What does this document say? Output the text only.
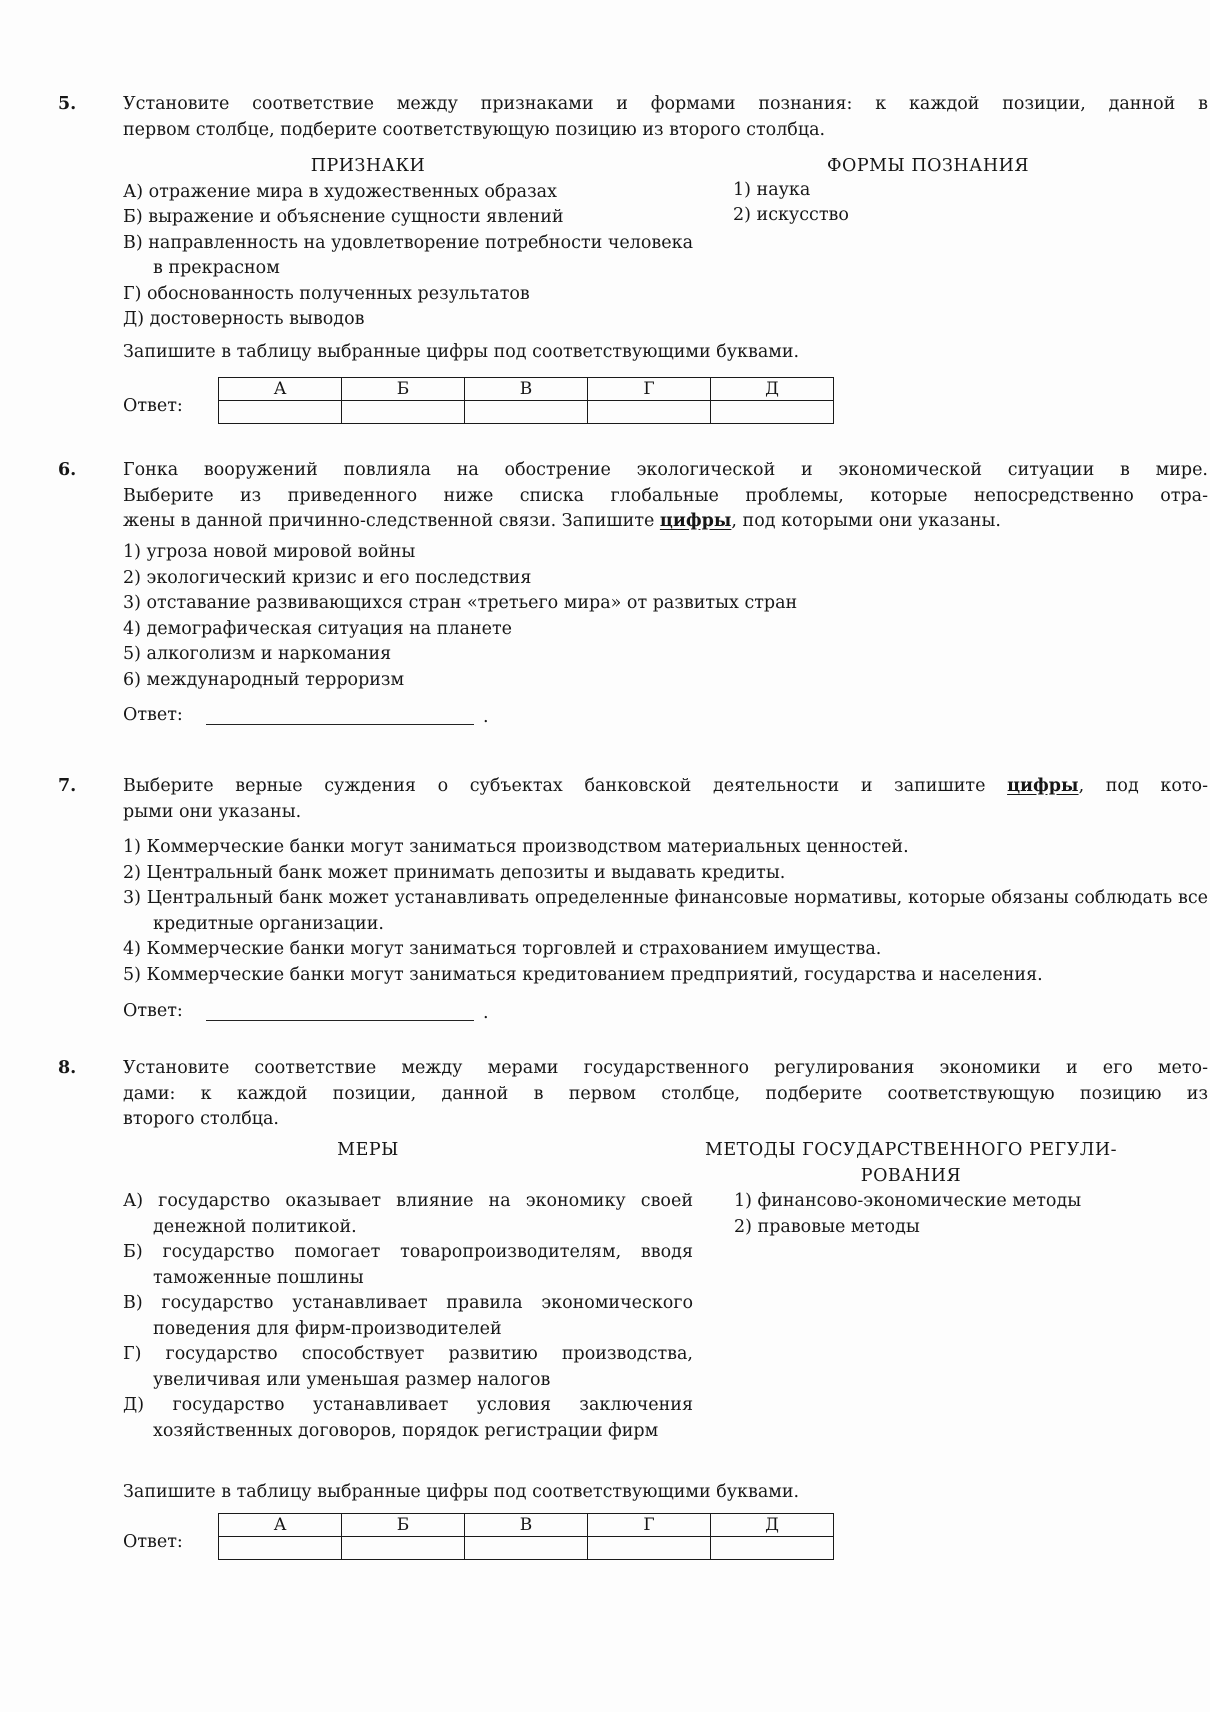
5.	Установите соответствие между признаками и формами познания: к каждой позиции, данной в

первом столбце, подберите соответствующую позицию из второго столбца.

ПРИЗНАКИ
А) отражение мира в художественных образах
Б) выражение и объяснение сущности явлений
В) направленность на удовлетворение потребности человека в прекрасном
Г) обоснованность полученных результатов
Д) достоверность выводов
ФОРМЫ ПОЗНАНИЯ
1) наука
2) искусство
Запишите в таблицу выбранные цифры под соответствующими буквами.
Ответ:
А	Б	В	Г	Д

6.	Гонка вооружений повлияла на обострение экологической и экономической ситуации в мире.

Выберите из приведенного ниже списка глобальные проблемы, которые непосредственно отра-

жены в данной причинно-следственной связи. Запишите цифры, под которыми они указаны.

1) угроза новой мировой войны
2) экологический кризис и его последствия
3) отставание развивающихся стран «третьего мира» от развитых стран
4) демографическая ситуация на планете
5) алкоголизм и наркомания
6) международный терроризм
Ответ:	.
7.	Выберите верные суждения о субъектах банковской деятельности и запишите цифры, под кото-

рыми они указаны.

1) Коммерческие банки могут заниматься производством материальных ценностей.
2) Центральный банк может принимать депозиты и выдавать кредиты.
3) Центральный банк может устанавливать определенные финансовые нормативы, которые обязаны соблюдать все кредитные организации.
4) Коммерческие банки могут заниматься торговлей и страхованием имущества.
5) Коммерческие банки могут заниматься кредитованием предприятий, государства и населения.
Ответ:	.
8.	Установите соответствие между мерами государственного регулирования экономики и его мето-

дами: к каждой позиции, данной в первом столбце, подберите соответствующую позицию из

второго столбца.

МЕРЫ
А) государство оказывает влияние на экономику своей денежной политикой.
Б) государство помогает товаропроизводителям, вводя таможенные пошлины
В) государство устанавливает правила экономического поведения для фирм-производителей
Г) государство способствует развитию производства, увеличивая или уменьшая размер налогов
Д) государство устанавливает условия заключения хозяйственных договоров, порядок регистрации фирм
МЕТОДЫ ГОСУДАРСТВЕННОГО РЕГУЛИ-РОВАНИЯ
1) финансово-экономические методы
2) правовые методы
Запишите в таблицу выбранные цифры под соответствующими буквами.
Ответ:
А	Б	В	Г	Д
